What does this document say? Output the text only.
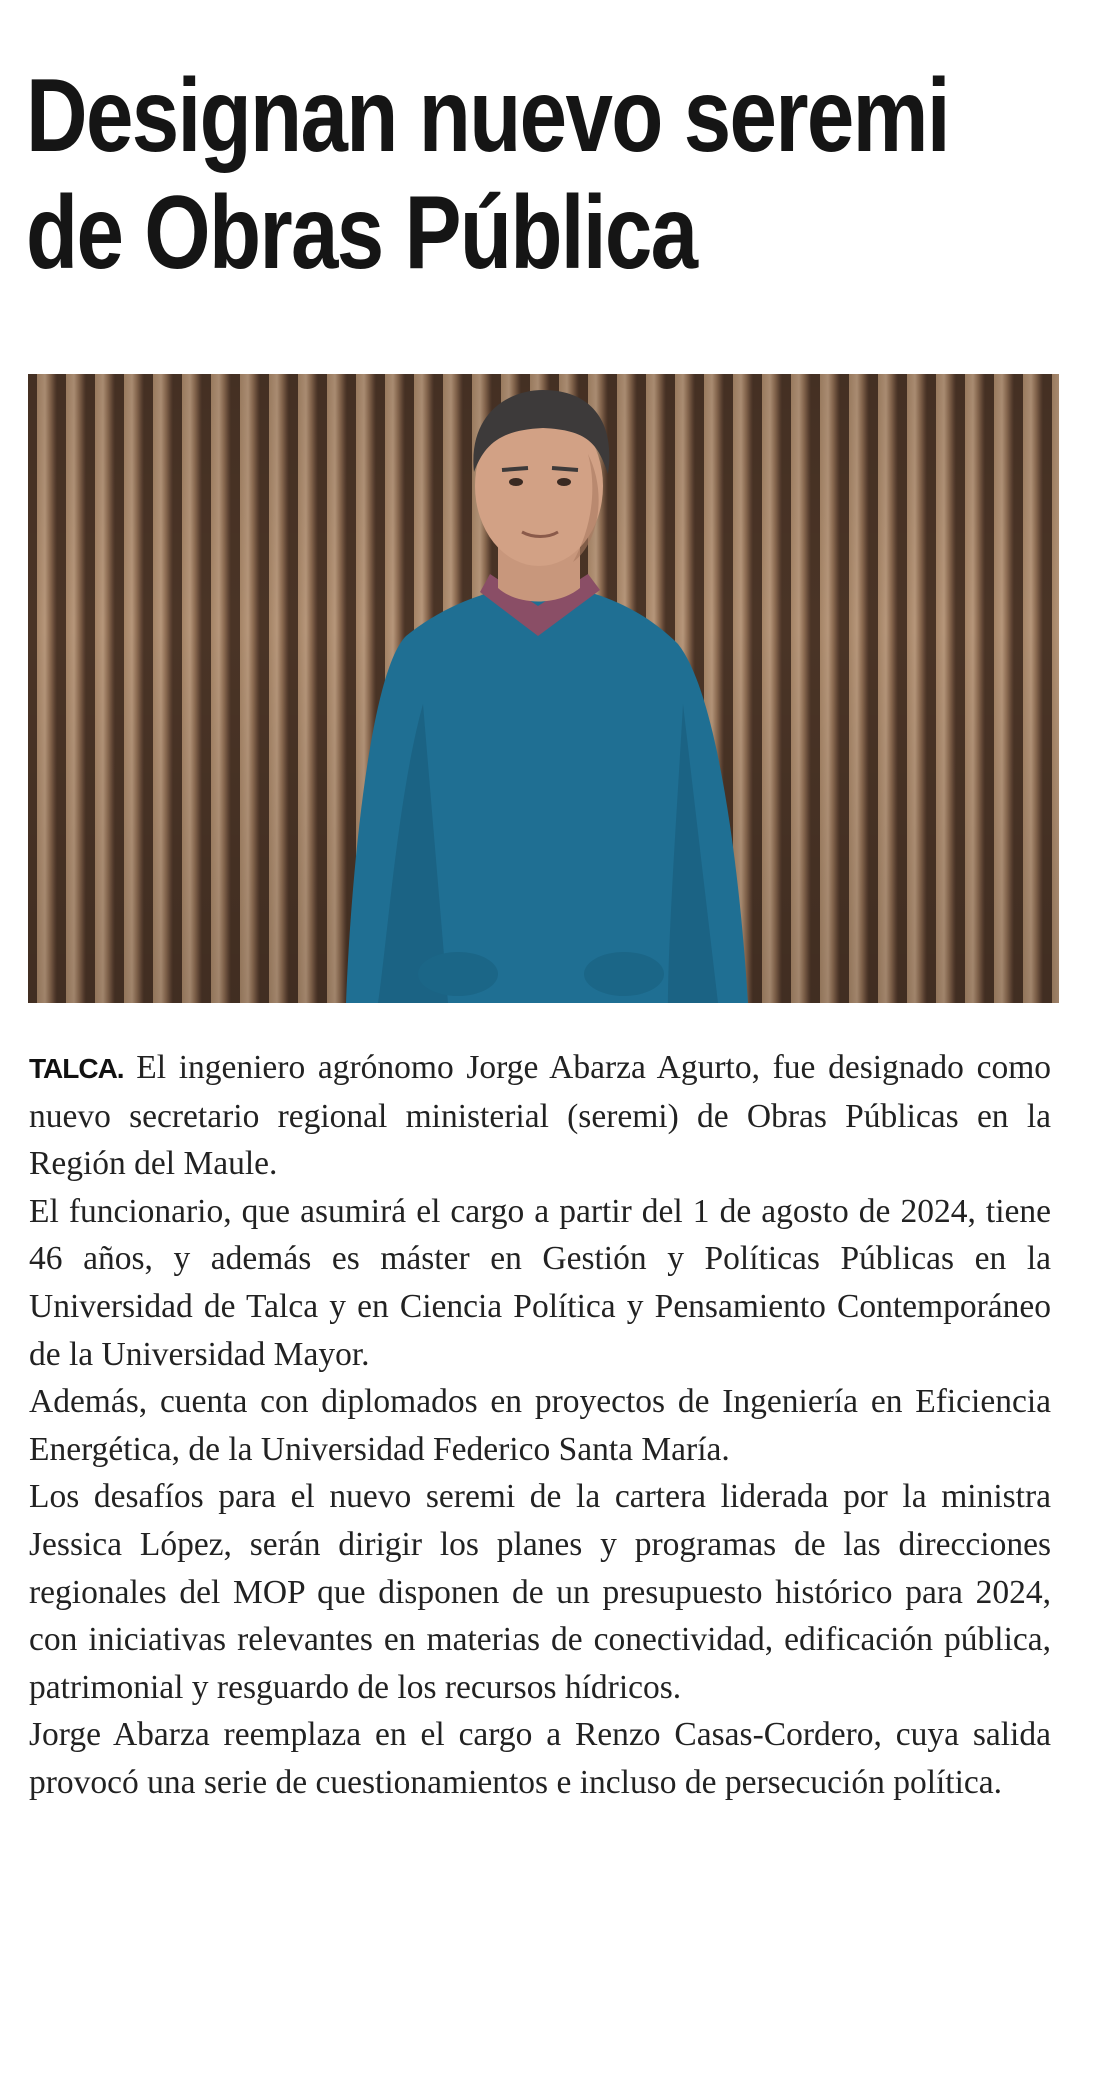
Designan nuevo seremi
de Obras Pública

TALCA. El ingeniero agrónomo Jorge Abarza Agurto, fue designado como nuevo secretario regional ministerial (seremi) de Obras Públicas en la Región del Maule.

El funcionario, que asumirá el cargo a partir del 1 de agosto de 2024, tiene 46 años, y además es máster en Gestión y Políticas Públicas en la Universidad de Talca y en Ciencia Política y Pensamiento Contemporáneo de la Universidad Mayor.

Además, cuenta con diplomados en proyectos de Ingeniería en Eficiencia Energética, de la Universidad Federico Santa María.

Los desafíos para el nuevo seremi de la cartera liderada por la ministra Jessica López, serán dirigir los planes y programas de las direcciones regionales del MOP que disponen de un presupuesto histórico para 2024, con iniciativas relevantes en materias de conectividad, edificación pública, patrimonial y resguardo de los recursos hídricos.

Jorge Abarza reemplaza en el cargo a Renzo Casas-Cordero, cuya salida provocó una serie de cuestionamientos e incluso de persecución política.
